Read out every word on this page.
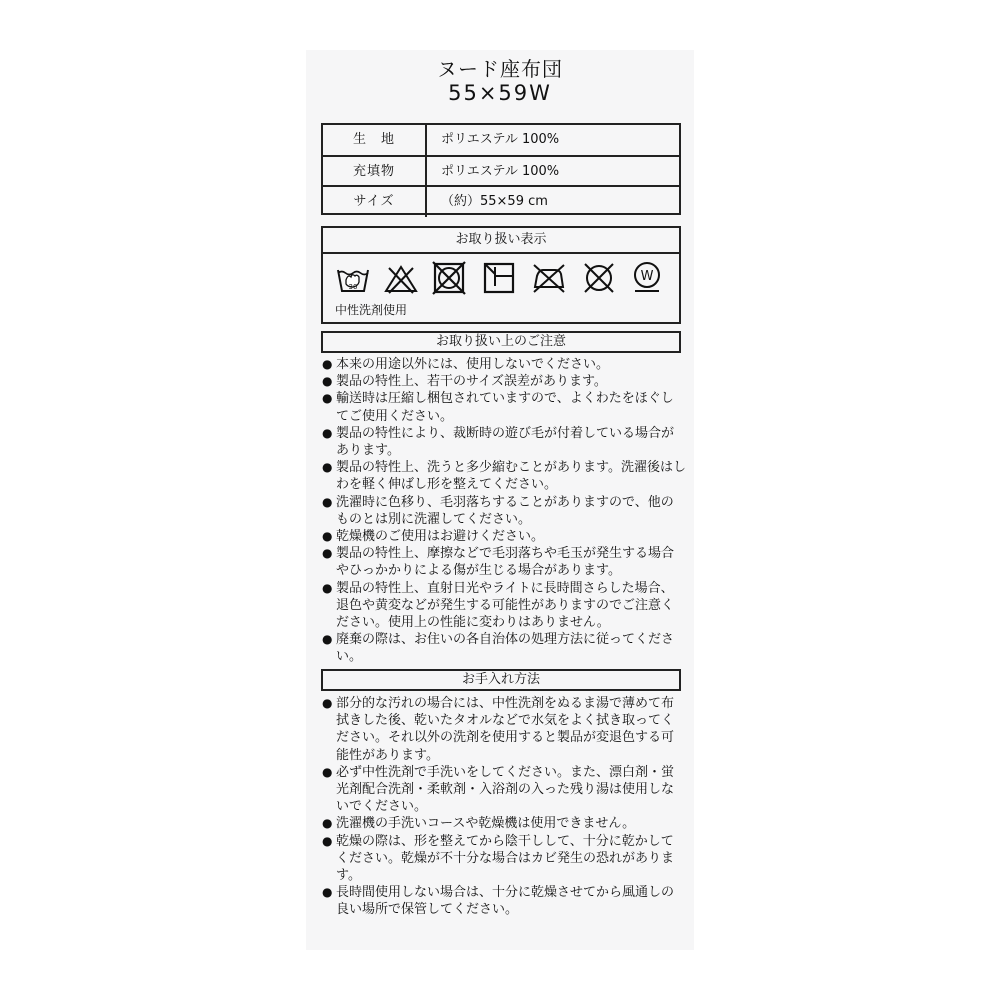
ヌード座布団
55×59W
生　地	ポリエステル 100%
充填物	ポリエステル 100%
サイズ	（約）55×59 cm
お取り扱い表示
30
W
中性洗剤使用
お取り扱い上のご注意

● 本来の用途以外には、使用しないでください。

● 製品の特性上、若干のサイズ誤差があります。

● 輸送時は圧縮し梱包されていますので、よくわたをほぐしてご使用ください。

● 製品の特性により、裁断時の遊び毛が付着している場合があります。

● 製品の特性上、洗うと多少縮むことがあります。洗濯後はしわを軽く伸ばし形を整えてください。

● 洗濯時に色移り、毛羽落ちすることがありますので、他のものとは別に洗濯してください。

● 乾燥機のご使用はお避けください。

● 製品の特性上、摩擦などで毛羽落ちや毛玉が発生する場合やひっかかりによる傷が生じる場合があります。

● 製品の特性上、直射日光やライトに長時間さらした場合、退色や黄変などが発生する可能性がありますのでご注意ください。使用上の性能に変わりはありません。

● 廃棄の際は、お住いの各自治体の処理方法に従ってください。

お手入れ方法

● 部分的な汚れの場合には、中性洗剤をぬるま湯で薄めて布拭きした後、乾いたタオルなどで水気をよく拭き取ってください。それ以外の洗剤を使用すると製品が変退色する可能性があります。

● 必ず中性洗剤で手洗いをしてください。また、漂白剤・蛍光剤配合洗剤・柔軟剤・入浴剤の入った残り湯は使用しないでください。

● 洗濯機の手洗いコースや乾燥機は使用できません。

● 乾燥の際は、形を整えてから陰干しして、十分に乾かしてください。乾燥が不十分な場合はカビ発生の恐れがあります。

● 長時間使用しない場合は、十分に乾燥させてから風通しの良い場所で保管してください。
